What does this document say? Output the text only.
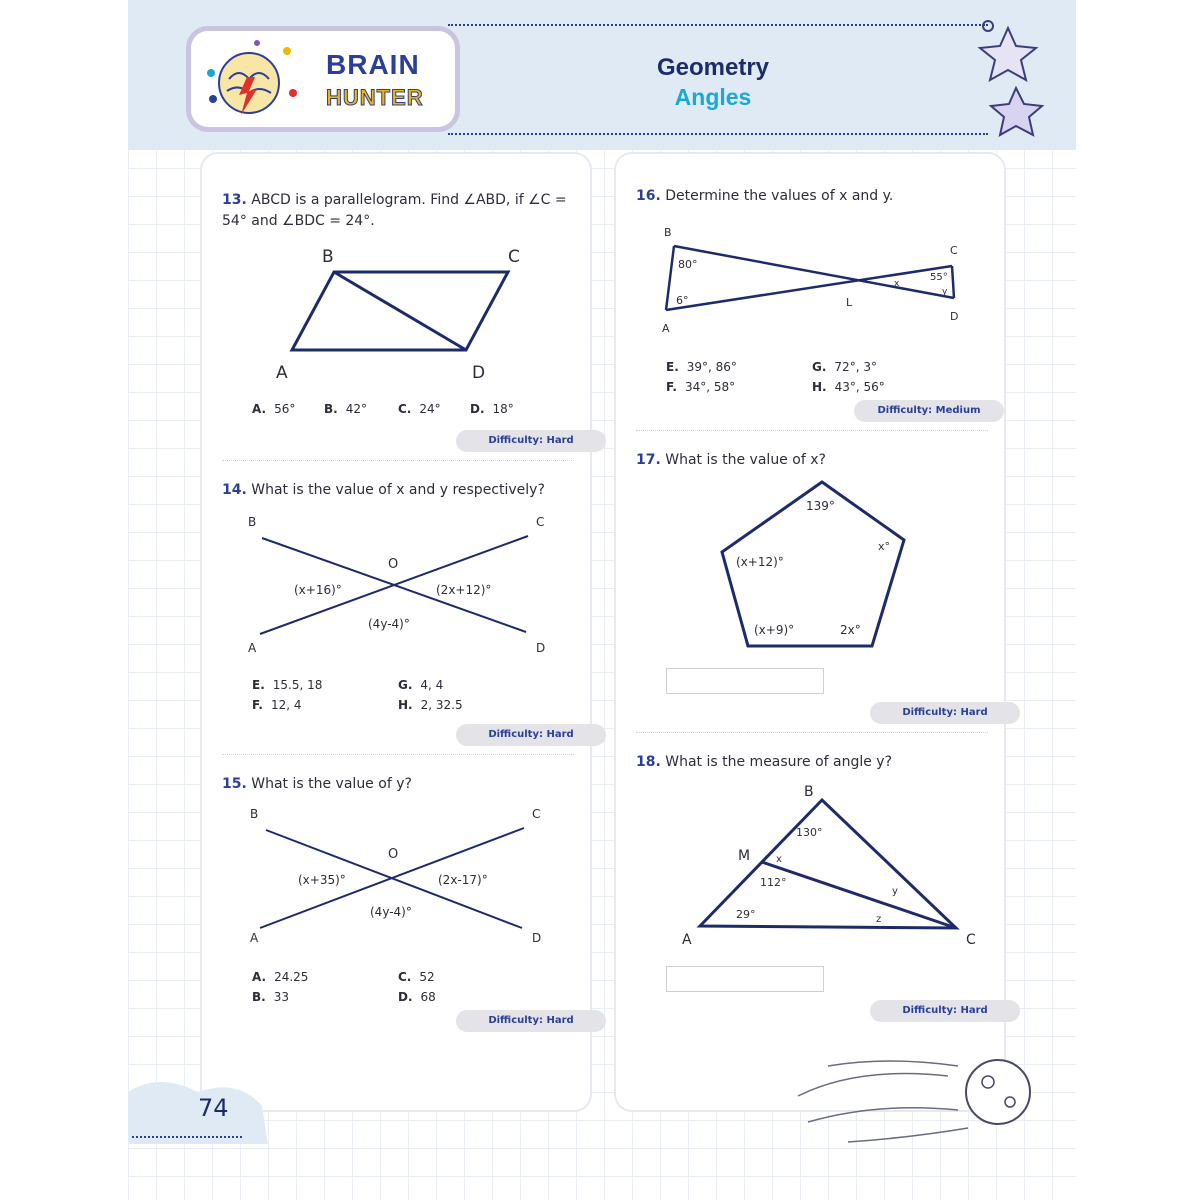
BRAIN
HUNTER
Geometry
Angles
13. ABCD is a parallelogram. Find ∠ABD, if ∠C = 54° and ∠BDC = 24°.
B	C
A	D
A. 56° B. 42°	C. 24° D. 18°
Difficulty: Hard
14. What is the value of x and y respectively?
B	C
A	D
O
(x+16)°	(2x+12)°
(4y-4)°
E. 15.5, 18
F. 12, 4
G. 4, 4
H. 2, 32.5
Difficulty: Hard
15. What is the value of y?
B	C
A	D
O
(x+35)°	(2x-17)°
(4y-4)°
A. 24.25
B. 33
C. 52
D. 68
Difficulty: Hard
16. Determine the values of x and y.
B
C
A
D
L
80°
6°
55°
x
y
E. 39°, 86°
F. 34°, 58°
G. 72°, 3°
H. 43°, 56°
Difficulty: Medium
17. What is the value of x?
139°
x°
(x+12)°
(x+9)°	2x°
Difficulty: Hard
18. What is the measure of angle y?
B
A	C
M
130°
112°
29°
x
y
z
Difficulty: Hard
74
